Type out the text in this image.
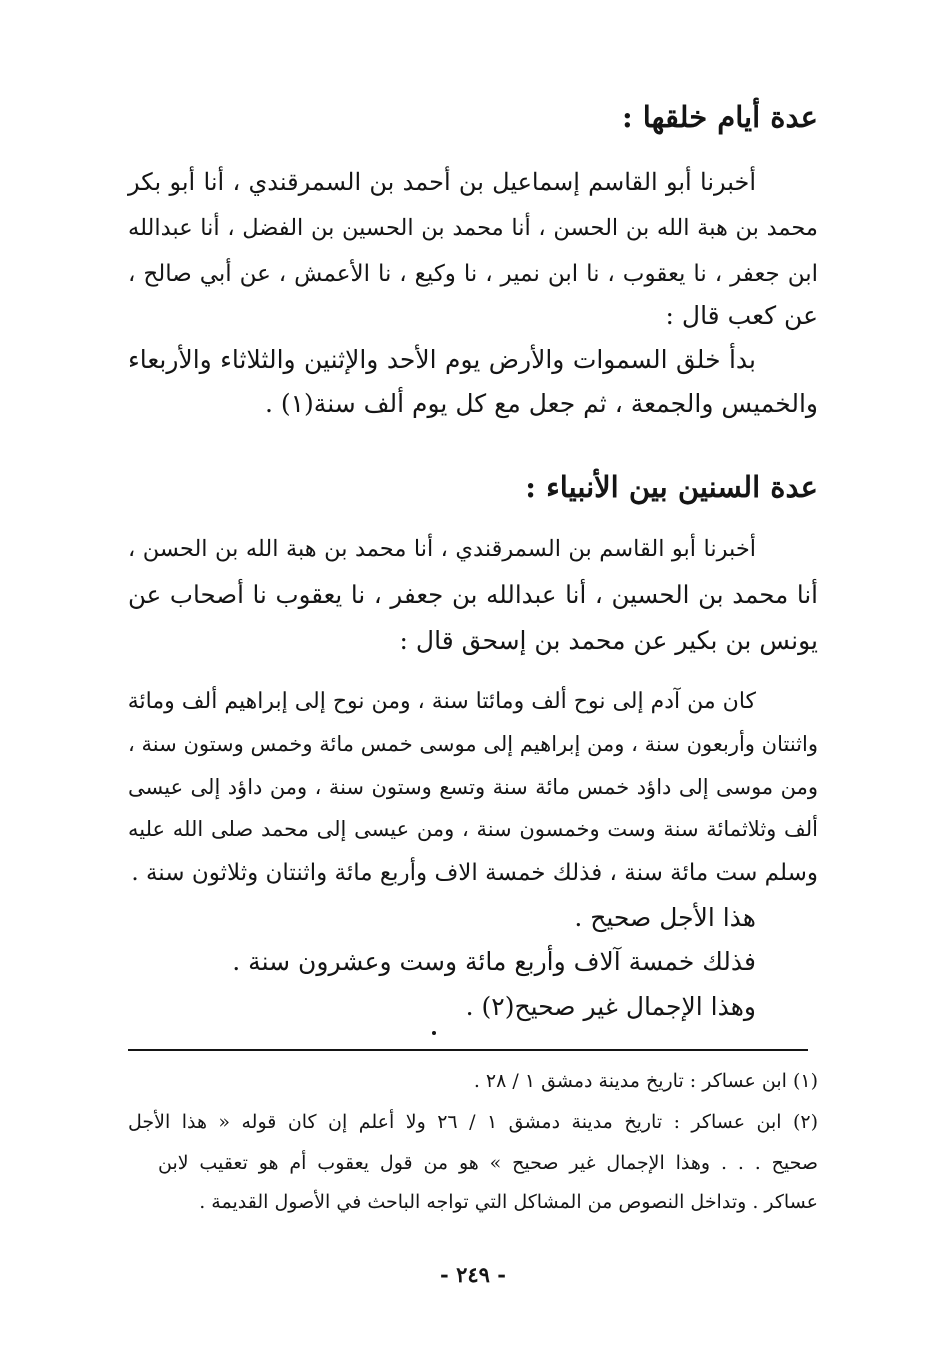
عدة أيام خلقها :
أخبرنا أبو القاسم إسماعيل بن أحمد بن السمرقندي ، أنا أبو بكر
محمد بن هبة الله بن الحسن ، أنا محمد بن الحسين بن الفضل ، أنا عبدالله
ابن جعفر ، نا يعقوب ، نا ابن نمير ، نا وكيع ، نا الأعمش ، عن أبي صالح ،
عن كعب قال :
بدأ خلق السموات والأرض يوم الأحد والإثنين والثلاثاء والأربعاء
والخميس والجمعة ، ثم جعل مع كل يوم ألف سنة(١) .
عدة السنين بين الأنبياء :
أخبرنا أبو القاسم بن السمرقندي ، أنا محمد بن هبة الله بن الحسن ،
أنا محمد بن الحسين ، أنا عبدالله بن جعفر ، نا يعقوب نا أصحاب عن
يونس بن بكير عن محمد بن إسحق قال :
كان من آدم إلى نوح ألف ومائتا سنة ، ومن نوح إلى إبراهيم ألف ومائة
واثنتان وأربعون سنة ، ومن إبراهيم إلى موسى خمس مائة وخمس وستون سنة ،
ومن موسى إلى داؤد خمس مائة سنة وتسع وستون سنة ، ومن داؤد إلى عيسى
ألف وثلاثمائة سنة وست وخمسون سنة ، ومن عيسى إلى محمد صلى الله عليه
وسلم ست مائة سنة ، فذلك خمسة الاف وأربع مائة واثنتان وثلاثون سنة .
هذا الأجل صحيح .
فذلك خمسة آلاف وأربع مائة وست وعشرون سنة .
وهذا الإجمال غير صحيح(٢) .
(١) ابن عساكر : تاريخ مدينة دمشق ١ / ٢٨ .
(٢) ابن عساكر : تاريخ مدينة دمشق ١ / ٢٦ ولا أعلم إن كان قوله « هذا الأجل
صحيح . . . وهذا الإجمال غير صحيح » هو من قول يعقوب أم هو تعقيب لابن
عساكر . وتداخل النصوص من المشاكل التي تواجه الباحث في الأصول القديمة .
- ٢٤٩ -
